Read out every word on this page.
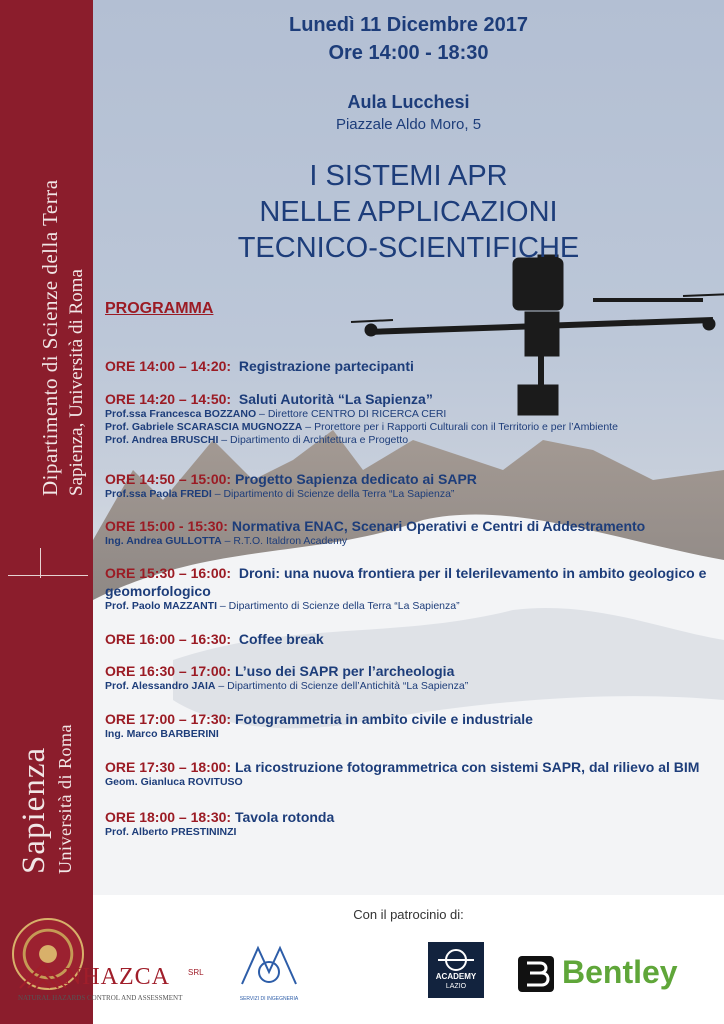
Dipartimento di Scienze della Terra Sapienza, Università di Roma
Sapienza Università di Roma
Lunedì 11 Dicembre 2017
Ore 14:00 - 18:30
Aula Lucchesi
Piazzale Aldo Moro, 5
I SISTEMI APR
NELLE APPLICAZIONI
TECNICO-SCIENTIFICHE
PROGRAMMA
ORE 14:00 – 14:20: Registrazione partecipanti
ORE 14:20 – 14:50: Saluti Autorità “La Sapienza”
Prof.ssa Francesca BOZZANO – Direttore CENTRO DI RICERCA CERI
Prof. Gabriele SCARASCIA MUGNOZZA – Prorettore per i Rapporti Culturali con il Territorio e per l’Ambiente
Prof. Andrea BRUSCHI – Dipartimento di Architettura e Progetto
ORE 14:50 – 15:00: Progetto Sapienza dedicato ai SAPR
Prof.ssa Paola FREDI – Dipartimento di Scienze della Terra “La Sapienza”
ORE 15:00 - 15:30: Normativa ENAC, Scenari Operativi e Centri di Addestramento
Ing. Andrea GULLOTTA – R.T.O. Italdron Academy
ORE 15:30 – 16:00: Droni: una nuova frontiera per il telerilevamento in ambito geologico e geomorfologico
Prof. Paolo MAZZANTI – Dipartimento di Scienze della Terra “La Sapienza”
ORE 16:00 – 16:30: Coffee break
ORE 16:30 – 17:00: L’uso dei SAPR per l’archeologia
Prof. Alessandro JAIA – Dipartimento di Scienze dell’Antichità “La Sapienza”
ORE 17:00 – 17:30: Fotogrammetria in ambito civile e industriale
Ing. Marco BARBERINI
ORE 17:30 – 18:00: La ricostruzione fotogrammetrica con sistemi SAPR, dal rilievo al BIM
Geom. Gianluca ROVITUSO
ORE 18:00 – 18:30: Tavola rotonda
Prof. Alberto PRESTININZI
Con il patrocinio di:
NHAZCA SRL
NATURAL HAZARDS CONTROL AND ASSESSMENT	SERVIZI DI INGEGNERIA
ACADEMY
LAZIO	Bentley
